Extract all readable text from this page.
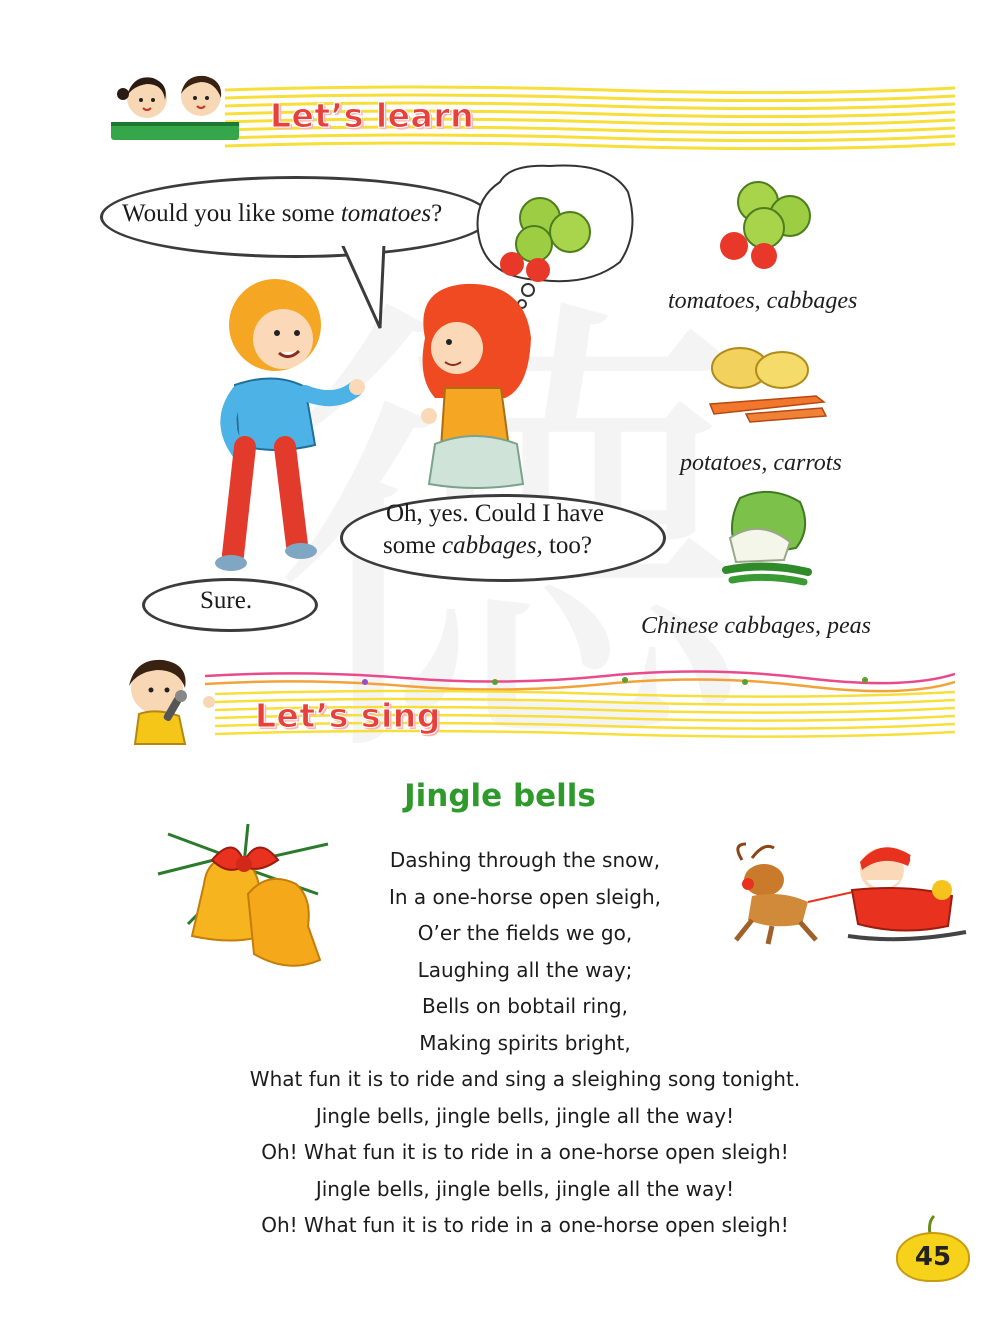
Let’s learn
Would you like some tomatoes?
Oh, yes. Could I have
some cabbages, too?
Sure.
tomatoes, cabbages
potatoes, carrots
Chinese cabbages, peas
Let’s sing
Jingle bells
Dashing through the snow,
In a one-horse open sleigh,
O’er the fields we go,
Laughing all the way;
Bells on bobtail ring,
Making spirits bright,
What fun it is to ride and sing a sleighing song tonight.
Jingle bells, jingle bells, jingle all the way!
Oh! What fun it is to ride in a one-horse open sleigh!
Jingle bells, jingle bells, jingle all the way!
Oh! What fun it is to ride in a one-horse open sleigh!
45
